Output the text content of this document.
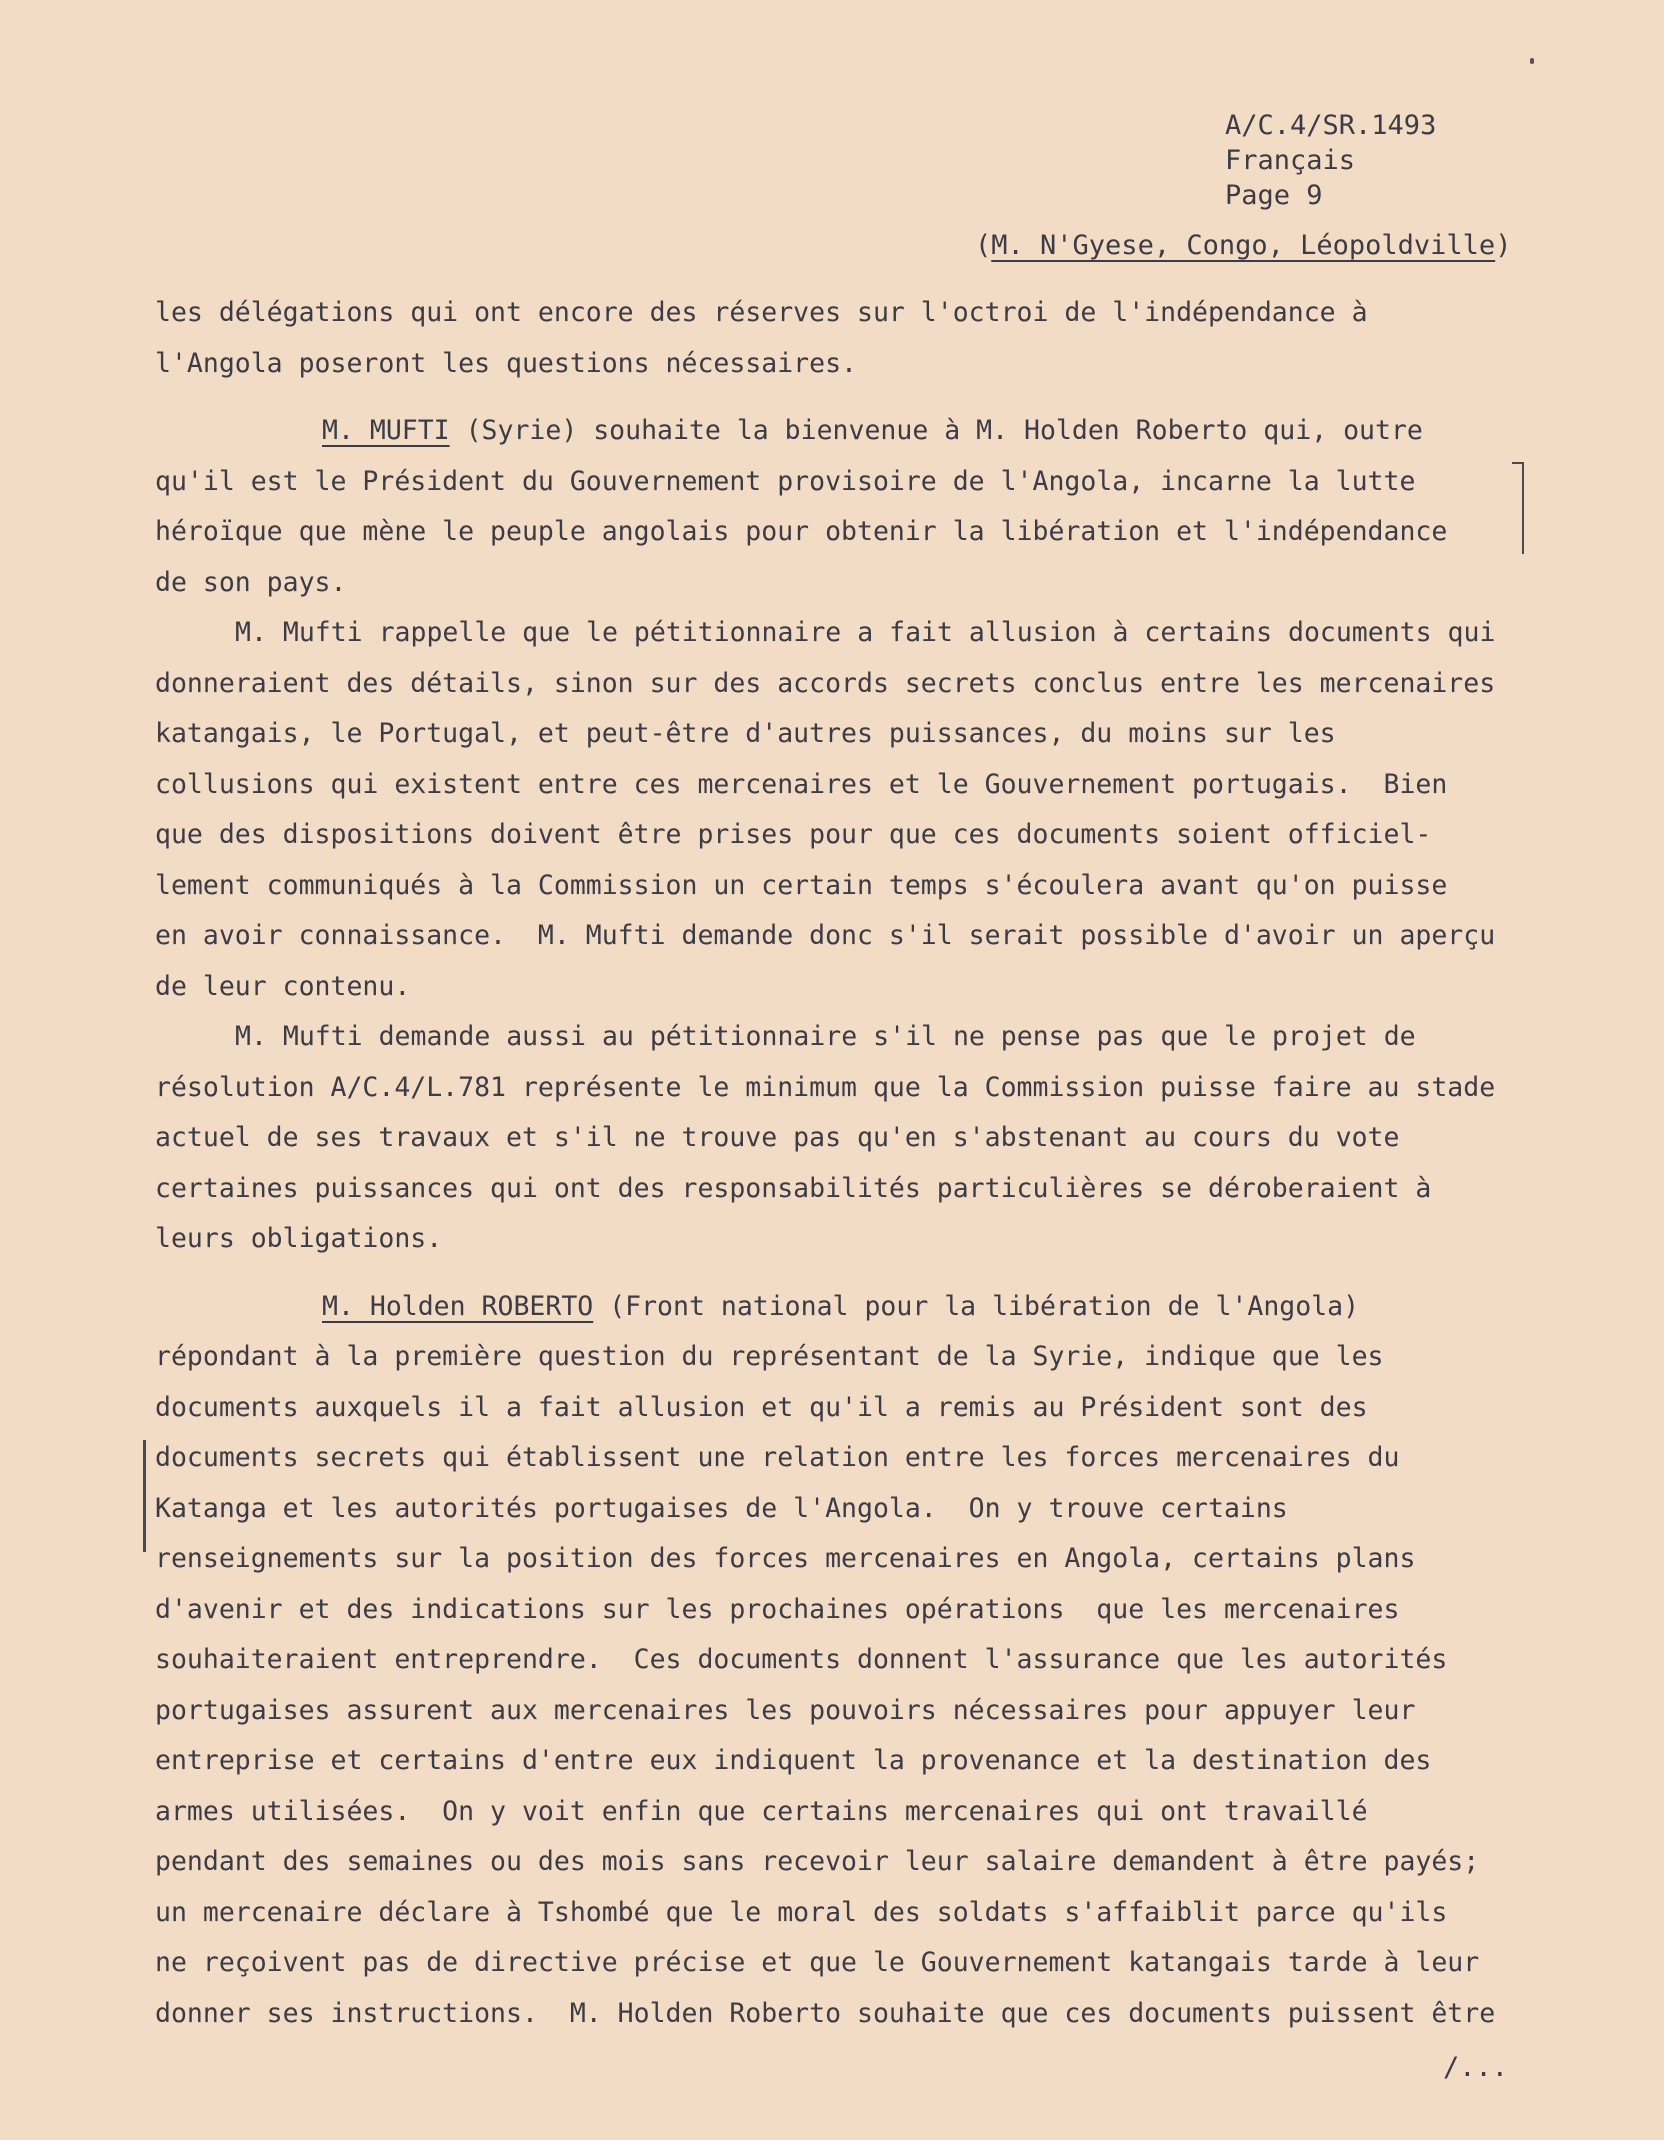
A/C.4/SR.1493
Français
Page 9
(M. N'Gyese, Congo, Léopoldville)
les délégations qui ont encore des réserves sur l'octroi de l'indépendance à
l'Angola poseront les questions nécessaires.
M. MUFTI (Syrie) souhaite la bienvenue à M. Holden Roberto qui, outre
qu'il est le Président du Gouvernement provisoire de l'Angola, incarne la lutte
héroïque que mène le peuple angolais pour obtenir la libération et l'indépendance
de son pays.
M. Mufti rappelle que le pétitionnaire a fait allusion à certains documents qui
donneraient des détails, sinon sur des accords secrets conclus entre les mercenaires
katangais, le Portugal, et peut-être d'autres puissances, du moins sur les
collusions qui existent entre ces mercenaires et le Gouvernement portugais.  Bien
que des dispositions doivent être prises pour que ces documents soient officiel-
lement communiqués à la Commission un certain temps s'écoulera avant qu'on puisse
en avoir connaissance.  M. Mufti demande donc s'il serait possible d'avoir un aperçu
de leur contenu.
M. Mufti demande aussi au pétitionnaire s'il ne pense pas que le projet de
résolution A/C.4/L.781 représente le minimum que la Commission puisse faire au stade
actuel de ses travaux et s'il ne trouve pas qu'en s'abstenant au cours du vote
certaines puissances qui ont des responsabilités particulières se déroberaient à
leurs obligations.
M. Holden ROBERTO (Front national pour la libération de l'Angola)
répondant à la première question du représentant de la Syrie, indique que les
documents auxquels il a fait allusion et qu'il a remis au Président sont des
documents secrets qui établissent une relation entre les forces mercenaires du
Katanga et les autorités portugaises de l'Angola.  On y trouve certains
renseignements sur la position des forces mercenaires en Angola, certains plans
d'avenir et des indications sur les prochaines opérations  que les mercenaires
souhaiteraient entreprendre.  Ces documents donnent l'assurance que les autorités
portugaises assurent aux mercenaires les pouvoirs nécessaires pour appuyer leur
entreprise et certains d'entre eux indiquent la provenance et la destination des
armes utilisées.  On y voit enfin que certains mercenaires qui ont travaillé
pendant des semaines ou des mois sans recevoir leur salaire demandent à être payés;
un mercenaire déclare à Tshombé que le moral des soldats s'affaiblit parce qu'ils
ne reçoivent pas de directive précise et que le Gouvernement katangais tarde à leur
donner ses instructions.  M. Holden Roberto souhaite que ces documents puissent être
/...
